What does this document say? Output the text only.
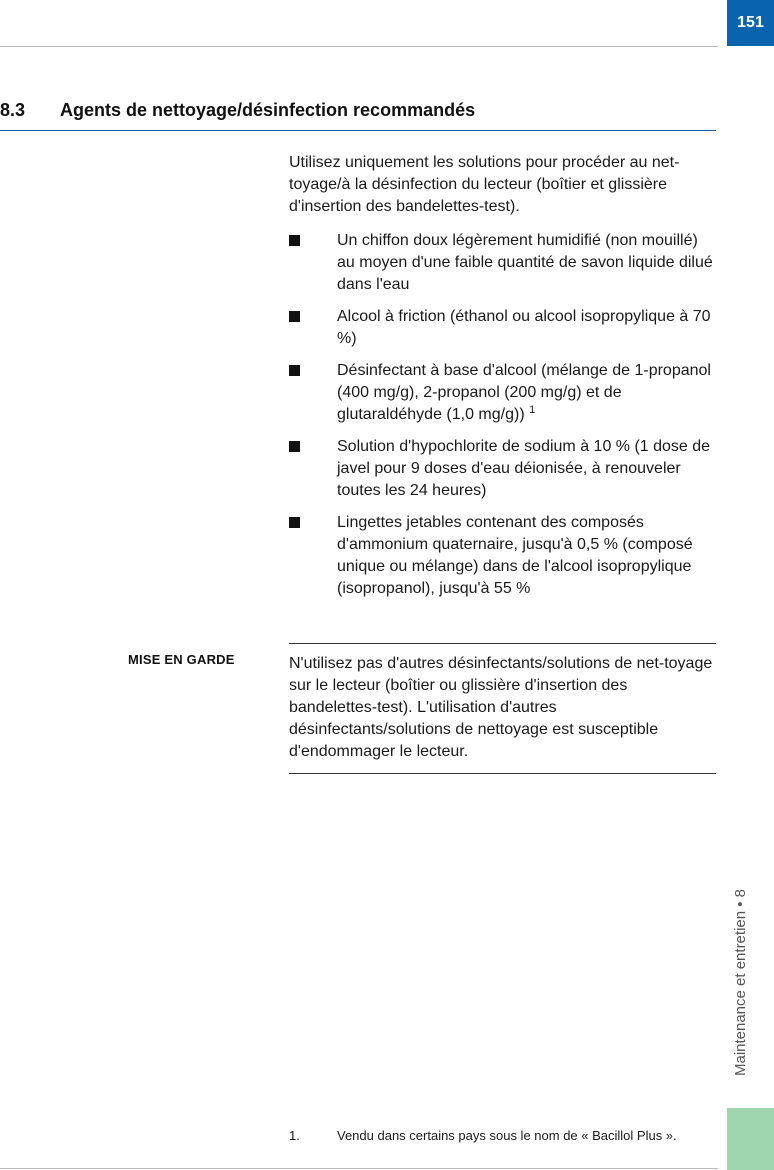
151
Maintenance et entretien • 8
8.3 Agents de nettoyage/désinfection recommandés
Utilisez uniquement les solutions pour procéder au net-toyage/à la désinfection du lecteur (boîtier et glissière d'insertion des bandelettes-test).
Un chiffon doux légèrement humidifié (non mouillé) au moyen d'une faible quantité de savon liquide dilué dans l'eau
Alcool à friction (éthanol ou alcool isopropylique à 70 %)
Désinfectant à base d'alcool (mélange de 1-propanol (400 mg/g), 2-propanol (200 mg/g) et de glutaraldéhyde (1,0 mg/g)) $^1$
Solution d'hypochlorite de sodium à 10 % (1 dose de javel pour 9 doses d'eau déionisée, à renouveler toutes les 24 heures)
Lingettes jetables contenant des composés d'ammonium quaternaire, jusqu'à 0,5 % (composé unique ou mélange) dans de l'alcool isopropylique (isopropanol), jusqu'à 55 %
MISE EN GARDE	N'utilisez pas d'autres désinfectants/solutions de net-toyage sur le lecteur (boîtier ou glissière d'insertion des bandelettes-test). L'utilisation d'autres désinfectants/solutions de nettoyage est susceptible d'endommager le lecteur.
1.	Vendu dans certains pays sous le nom de « Bacillol Plus ».
